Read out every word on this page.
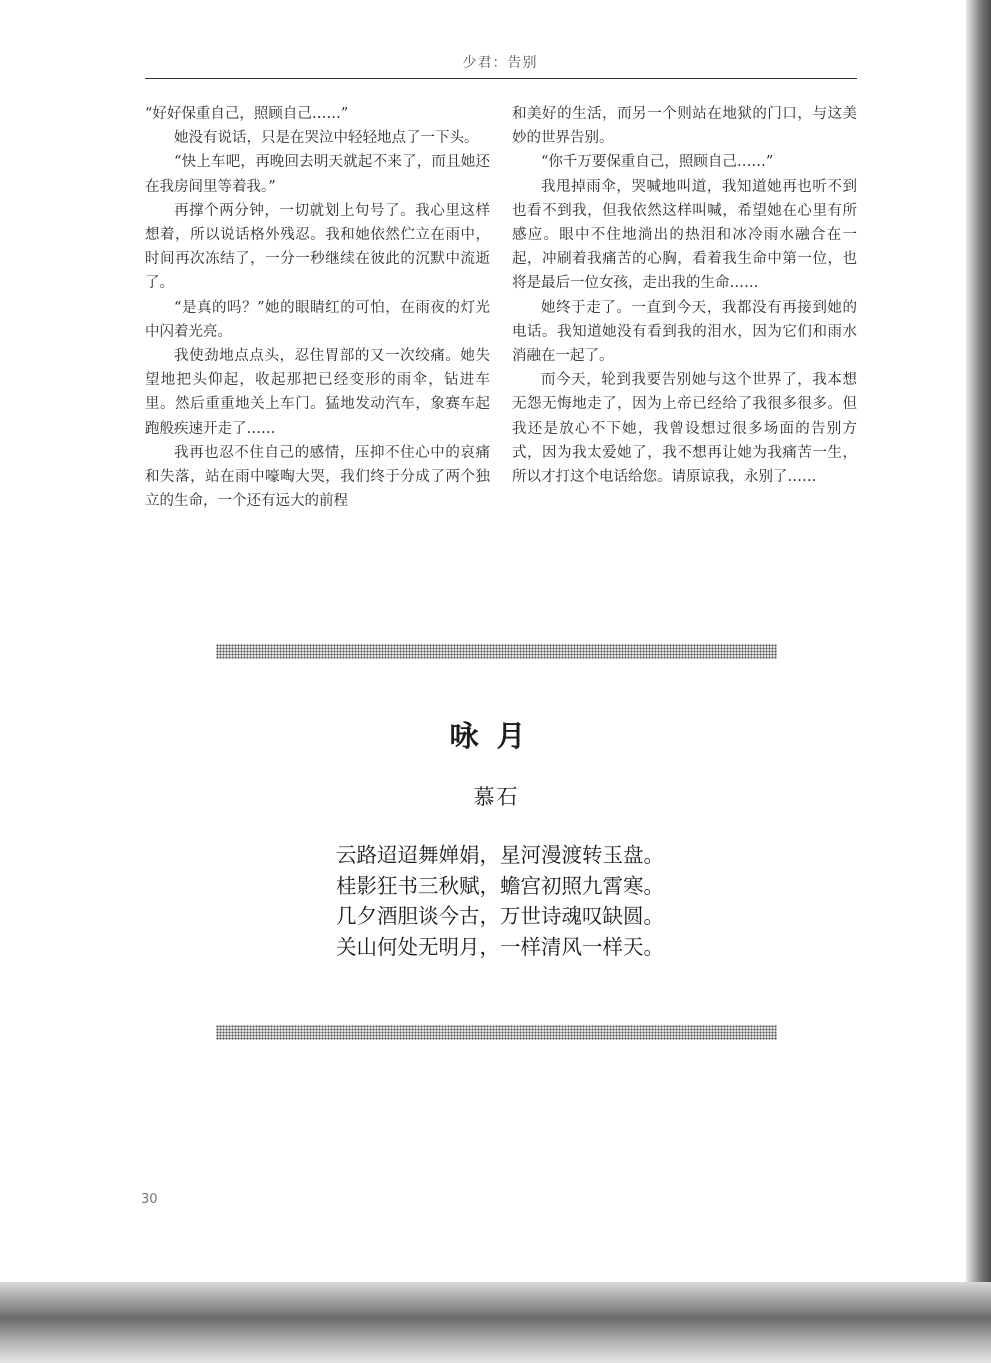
少君：告别

“好好保重自己，照顾自己……”

她没有说话，只是在哭泣中轻轻地点了一下头。

“快上车吧，再晚回去明天就起不来了，而且她还在我房间里等着我。”

再撑个两分钟，一切就划上句号了。我心里这样想着，所以说话格外残忍。我和她依然伫立在雨中，时间再次冻结了，一分一秒继续在彼此的沉默中流逝了。

“是真的吗？”她的眼睛红的可怕，在雨夜的灯光中闪着光亮。

我使劲地点点头，忍住胃部的又一次绞痛。她失望地把头仰起，收起那把已经变形的雨伞，钻进车里。然后重重地关上车门。猛地发动汽车，象赛车起跑般疾速开走了……

我再也忍不住自己的感情，压抑不住心中的哀痛和失落，站在雨中嚎啕大哭，我们终于分成了两个独立的生命，一个还有远大的前程

和美好的生活，而另一个则站在地狱的门口，与这美妙的世界告别。

“你千万要保重自己，照顾自己……”

我甩掉雨伞，哭喊地叫道，我知道她再也听不到也看不到我，但我依然这样叫喊，希望她在心里有所感应。眼中不住地淌出的热泪和冰冷雨水融合在一起，冲刷着我痛苦的心胸，看着我生命中第一位，也将是最后一位女孩，走出我的生命……

她终于走了。一直到今天，我都没有再接到她的电话。我知道她没有看到我的泪水，因为它们和雨水消融在一起了。

而今天，轮到我要告别她与这个世界了，我本想无怨无悔地走了，因为上帝已经给了我很多很多。但我还是放心不下她，我曾设想过很多场面的告别方式，因为我太爱她了，我不想再让她为我痛苦一生，所以才打这个电话给您。请原谅我，永别了……

咏月
慕石
云路迢迢舞婵娟，星河漫渡转玉盘。
桂影狂书三秋赋，蟾宫初照九霄寒。
几夕酒胆谈今古，万世诗魂叹缺圆。
关山何处无明月，一样清风一样天。
30
